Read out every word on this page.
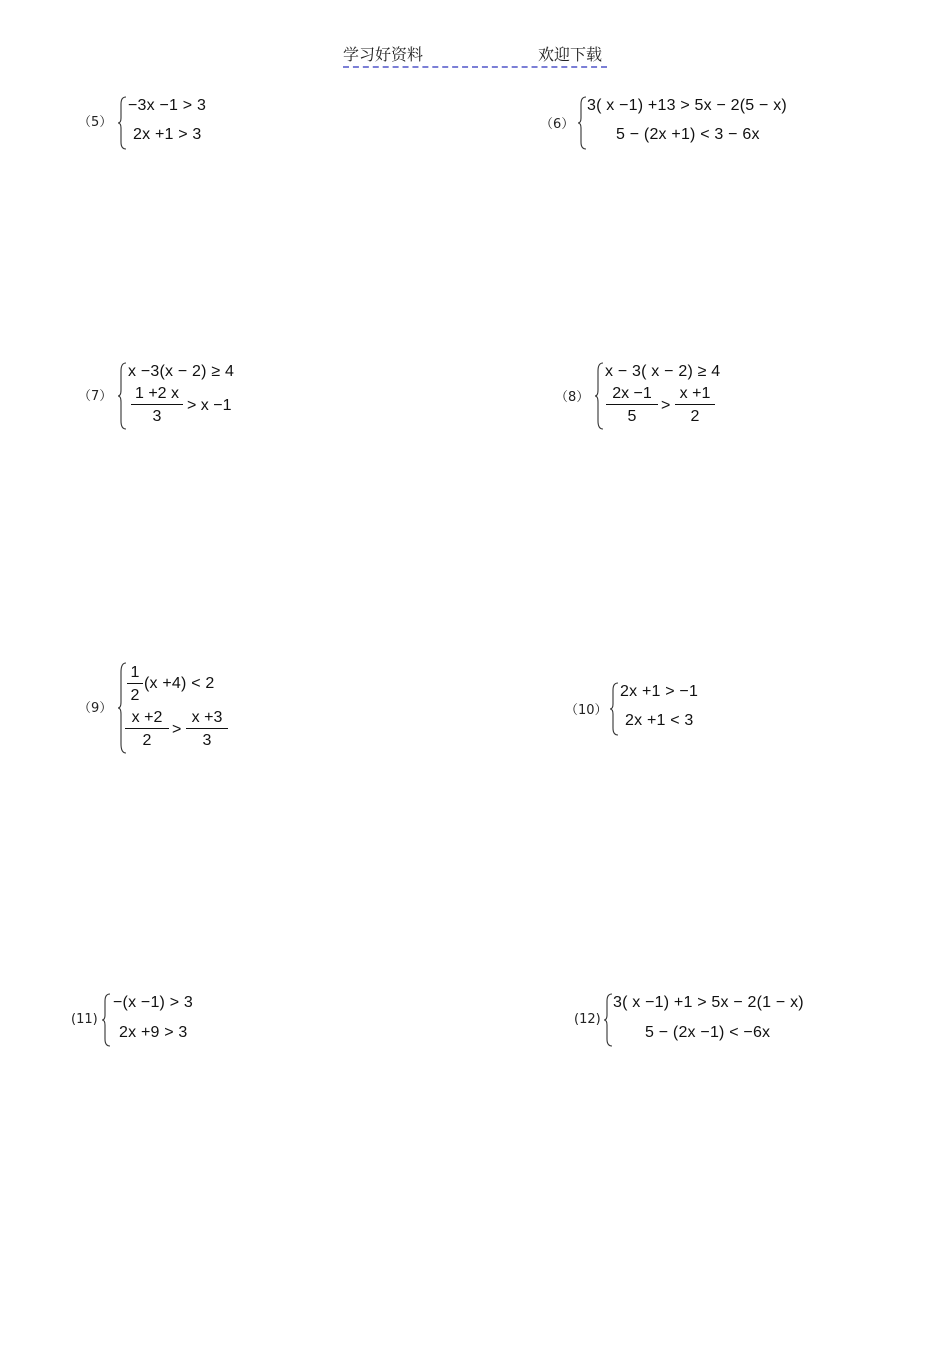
学习好资料	欢迎下载
（5）
−3x −1 > 3
2x +1 > 3
（6）
3( x −1) +13 > 5x − 2(5 − x)
5 − (2x +1) < 3 − 6x
（7）
x −3(x − 2) ≥ 4
$\frac{1 +2 x}{3} > x -1$	（8）
x − 3( x − 2) ≥ 4
$\frac{2x -1}{5} > \frac{x +1}{2}$
（9）
$\frac{1}{2} (x +4) < 2$
$\frac{x +2}{2} > \frac{x +3}{3}$	（10）
2x +1 > −1
2x +1 < 3
(11)
−(x −1) > 3
2x +9 > 3
(12)
3( x −1) +1 > 5x − 2(1 − x)
5 − (2x −1) < −6x
